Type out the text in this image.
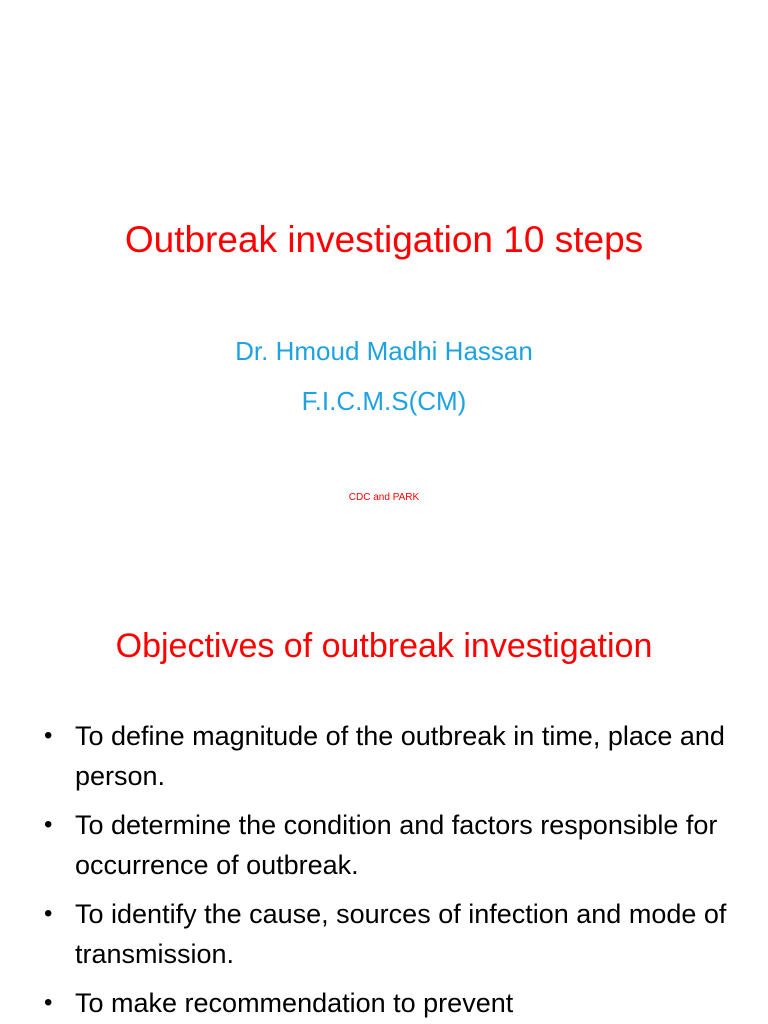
Outbreak investigation 10 steps
Dr. Hmoud Madhi Hassan
F.I.C.M.S(CM)
CDC and PARK
Objectives of outbreak investigation
• To define magnitude of the outbreak in time, place and person.
• To determine the condition and factors responsible for occurrence of outbreak.
• To identify the cause, sources of infection and mode of transmission.
• To make recommendation to prevent
